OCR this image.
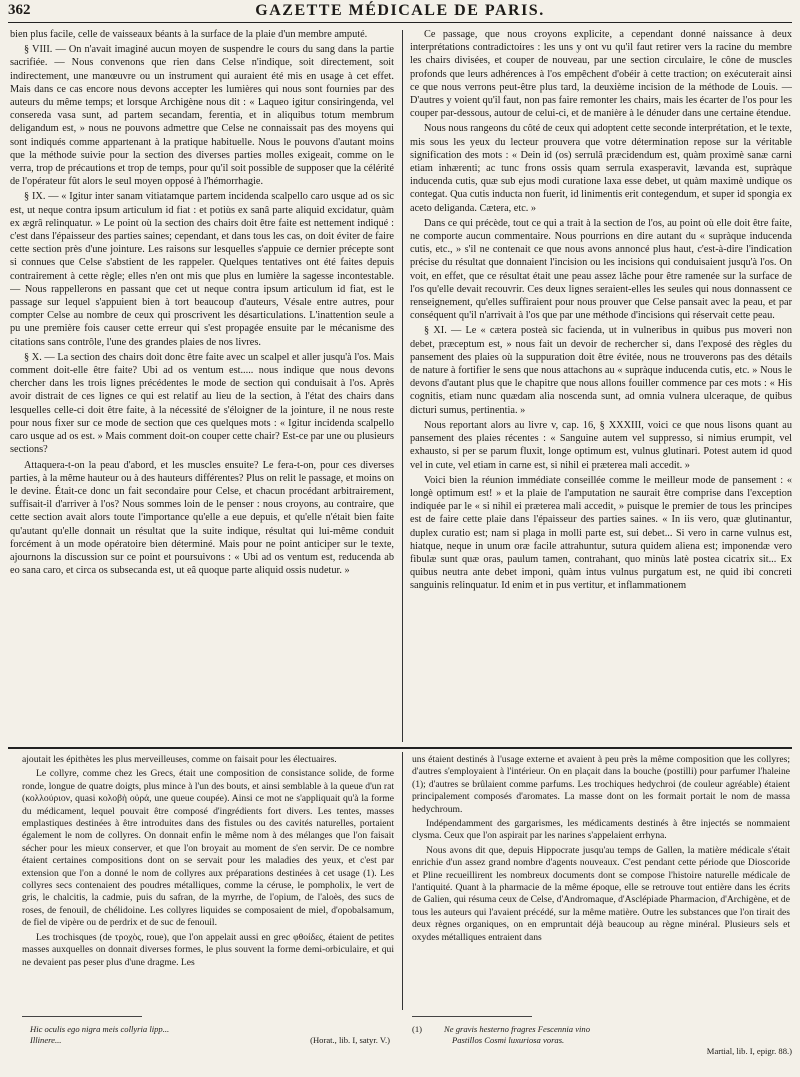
362	GAZETTE MÉDICALE DE PARIS.

bien plus facile, celle de vaisseaux béants à la surface de la plaie d'un membre amputé.

§ VIII. — On n'avait imaginé aucun moyen de suspendre le cours du sang dans la partie sacrifiée. — Nous convenons que rien dans Celse n'indique, soit directement, soit indirectement, une manœuvre ou un instrument qui auraient été mis en usage à cet effet. Mais dans ce cas encore nous devons accepter les lumières qui nous sont fournies par des auteurs du même temps; et lorsque Archigène nous dit : « Laqueo igitur consiringenda, vel consereda vasa sunt, ad partem secandam, ferentia, et in aliquibus totum membrum deligandum est, » nous ne pouvons admettre que Celse ne connaissait pas des moyens qui sont indiqués comme appartenant à la pratique habituelle. Nous le pouvons d'autant moins que la méthode suivie pour la section des diverses parties molles exigeait, comme on le verra, trop de précautions et trop de temps, pour qu'il soit possible de supposer que la célérité de l'opérateur fût alors le seul moyen opposé à l'hémorrhagie.

§ IX. — « Igitur inter sanam vitiatamque partem incidenda scalpello caro usque ad os sic est, ut neque contra ipsum articulum id fiat : et potiùs ex sanâ parte aliquid excidatur, quàm ex ægrâ relinquatur. » Le point où la section des chairs doit être faite est nettement indiqué : c'est dans l'épaisseur des parties saines; cependant, et dans tous les cas, on doit éviter de faire cette section près d'une jointure. Les raisons sur lesquelles s'appuie ce dernier précepte sont si connues que Celse s'abstient de les rappeler. Quelques tentatives ont été faites depuis contrairement à cette règle; elles n'en ont mis que plus en lumière la sagesse incontestable. — Nous rappellerons en passant que cet ut neque contra ipsum articulum id fiat, est le passage sur lequel s'appuient bien à tort beaucoup d'auteurs, Vésale entre autres, pour compter Celse au nombre de ceux qui proscrivent les désarticulations. L'inattention seule a pu une première fois causer cette erreur qui s'est propagée ensuite par le mécanisme des citations sans contrôle, l'une des grandes plaies de nos livres.

§ X. — La section des chairs doit donc être faite avec un scalpel et aller jusqu'à l'os. Mais comment doit-elle être faite? Ubi ad os ventum est..... nous indique que nous devons chercher dans les trois lignes précédentes le mode de section qui conduisait à l'os. Après avoir distrait de ces lignes ce qui est relatif au lieu de la section, à l'état des chairs dans lesquelles celle-ci doit être faite, à la nécessité de s'éloigner de la jointure, il ne nous reste pour nous fixer sur ce mode de section que ces quelques mots : « Igitur incidenda scalpello caro usque ad os est. » Mais comment doit-on couper cette chair? Est-ce par une ou plusieurs sections?

Attaquera-t-on la peau d'abord, et les muscles ensuite? Le fera-t-on, pour ces diverses parties, à la même hauteur ou à des hauteurs différentes? Plus on relit le passage, et moins on le devine. Était-ce donc un fait secondaire pour Celse, et chacun procédant arbitrairement, suffisait-il d'arriver à l'os? Nous sommes loin de le penser : nous croyons, au contraire, que cette section avait alors toute l'importance qu'elle a eue depuis, et qu'elle n'était bien faite qu'autant qu'elle donnait un résultat que la suite indique, résultat qui lui-même conduit forcément à un mode opératoire bien déterminé. Mais pour ne point anticiper sur le texte, ajournons la discussion sur ce point et poursuivons : « Ubi ad os ventum est, reducenda ab eo sana caro, et circa os subsecanda est, ut eâ quoque parte aliquid ossis nudetur. »

Ce passage, que nous croyons explicite, a cependant donné naissance à deux interprétations contradictoires : les uns y ont vu qu'il faut retirer vers la racine du membre les chairs divisées, et couper de nouveau, par une section circulaire, le cône de muscles profonds que leurs adhérences à l'os empêchent d'obéir à cette traction; on exécuterait ainsi ce que nous verrons peut-être plus tard, la deuxième incision de la méthode de Louis. — D'autres y voient qu'il faut, non pas faire remonter les chairs, mais les écarter de l'os pour les couper par-dessous, autour de celui-ci, et de manière à le dénuder dans une certaine étendue.

Nous nous rangeons du côté de ceux qui adoptent cette seconde interprétation, et le texte, mis sous les yeux du lecteur prouvera que votre détermination repose sur la véritable signification des mots : « Dein id (os) serrulâ præcidendum est, quàm proximè sanæ carni etiam inhærenti; ac tunc frons ossis quam serrula exasperavit, lævanda est, supràque inducenda cutis, quæ sub ejus modi curatione laxa esse debet, ut quàm maximè undique os contegat. Qua cutis inducta non fuerit, id linimentis erit contegendum, et super id spongia ex aceto deliganda. Cætera, etc. »

Dans ce qui précède, tout ce qui a trait à la section de l'os, au point où elle doit être faite, ne comporte aucun commentaire. Nous pourrions en dire autant du « supràque inducenda cutis, etc., » s'il ne contenait ce que nous avons annoncé plus haut, c'est-à-dire l'indication précise du résultat que donnaient l'incision ou les incisions qui conduisaient jusqu'à l'os. On voit, en effet, que ce résultat était une peau assez lâche pour être ramenée sur la surface de l'os qu'elle devait recouvrir. Ces deux lignes seraient-elles les seules qui nous donnassent ce renseignement, qu'elles suffiraient pour nous prouver que Celse pansait avec la peau, et par conséquent qu'il n'arrivait à l'os que par une méthode d'incisions qui réservait cette peau.

§ XI. — Le « cætera posteà sic facienda, ut in vulneribus in quibus pus moveri non debet, præceptum est, » nous fait un devoir de rechercher si, dans l'exposé des règles du pansement des plaies où la suppuration doit être évitée, nous ne trouverons pas des détails de nature à fortifier le sens que nous attachons au « supràque inducenda cutis, etc. » Nous le devons d'autant plus que le chapitre que nous allons fouiller commence par ces mots : « His cognitis, etiam nunc quædam alia noscenda sunt, ad omnia vulnera ulceraque, de quibus dicturi sumus, pertinentia. »

Nous reportant alors au livre v, cap. 16, § XXXIII, voici ce que nous lisons quant au pansement des plaies récentes : « Sanguine autem vel suppresso, si nimius erumpit, vel exhausto, si per se parum fluxit, longe optimum est, vulnus glutinari. Potest autem id quod vel in cute, vel etiam in carne est, si nihil ei præterea mali accedit. »

Voici bien la réunion immédiate conseillée comme le meilleur mode de pansement : « longè optimum est! » et la plaie de l'amputation ne saurait être comprise dans l'exception indiquée par le « si nihil ei præterea mali accedit, » puisque le premier de tous les principes est de faire cette plaie dans l'épaisseur des parties saines. « In iis vero, quæ glutinantur, duplex curatio est; nam si plaga in molli parte est, sui debet... Si vero in carne vulnus est, hiatque, neque in unum oræ facile attrahuntur, sutura quidem aliena est; imponendæ vero fibulæ sunt quæ oras, paulum tamen, contrahant, quo minùs latè postea cicatrix sit... Ex quibus neutra ante debet imponi, quàm intus vulnus purgatum est, ne quid ibi concreti sanguinis relinquatur. Id enim et in pus vertitur, et inflammationem

ajoutait les épithètes les plus merveilleuses, comme on faisait pour les électuaires.

Le collyre, comme chez les Grecs, était une composition de consistance solide, de forme ronde, longue de quatre doigts, plus mince à l'un des bouts, et ainsi semblable à la queue d'un rat (κολλούριον, quasi κολοβὴ οὐρά, une queue coupée). Ainsi ce mot ne s'appliquait qu'à la forme du médicament, lequel pouvait être composé d'ingrédients fort divers. Les tentes, masses emplastiques destinées à être introduites dans des fistules ou des cavités naturelles, portaient également le nom de collyres. On donnait enfin le même nom à des mélanges que l'on faisait sécher pour les mieux conserver, et que l'on broyait au moment de s'en servir. De ce nombre étaient certaines compositions dont on se servait pour les maladies des yeux, et c'est par extension que l'on a donné le nom de collyres aux préparations destinées à cet usage (1). Les collyres secs contenaient des poudres métalliques, comme la céruse, le pompholix, le vert de gris, le chalcitis, la cadmie, puis du safran, de la myrrhe, de l'opium, de l'aloès, des sucs de roses, de fenouil, de chélidoine. Les collyres liquides se composaient de miel, d'opobalsamum, de fiel de vipère ou de perdrix et de suc de fenouil.

Les trochisques (de τροχὸς, roue), que l'on appelait aussi en grec φθοίδες, étaient de petites masses auxquelles on donnait diverses formes, le plus souvent la forme demi-orbiculaire, et qui ne devaient pas peser plus d'une dragme. Les

uns étaient destinés à l'usage externe et avaient à peu près la même composition que les collyres; d'autres s'employaient à l'intérieur. On en plaçait dans la bouche (postilli) pour parfumer l'haleine (1); d'autres se brûlaient comme parfums. Les trochiques hedychroi (de couleur agréable) étaient principalement composés d'aromates. La masse dont on les formait portait le nom de massa hedychroum.

Indépendamment des gargarismes, les médicaments destinés à être injectés se nommaient clysma. Ceux que l'on aspirait par les narines s'appelaient errhyna.

Nous avons dit que, depuis Hippocrate jusqu'au temps de Gallen, la matière médicale s'était enrichie d'un assez grand nombre d'agents nouveaux. C'est pendant cette période que Dioscoride et Pline recueillirent les nombreux documents dont se compose l'histoire naturelle médicale de l'antiquité. Quant à la pharmacie de la même époque, elle se retrouve tout entière dans les écrits de Galien, qui résuma ceux de Celse, d'Andromaque, d'Asclépiade Pharmacion, d'Archigène, et de tous les auteurs qui l'avaient précédé, sur la même matière. Outre les substances que l'on tirait des deux règnes organiques, on en empruntait déjà beaucoup au règne minéral. Plusieurs sels et oxydes métalliques entraient dans

Hic oculis ego nigra meis collyria lipp...
Illinere...	(Horat., lib. I, satyr. V.)
(1)	Ne gravis hesterno fragres Fescennia vino
Pastillos Cosmi luxuriosa voras.
Martial, lib. I, epigr. 88.)
